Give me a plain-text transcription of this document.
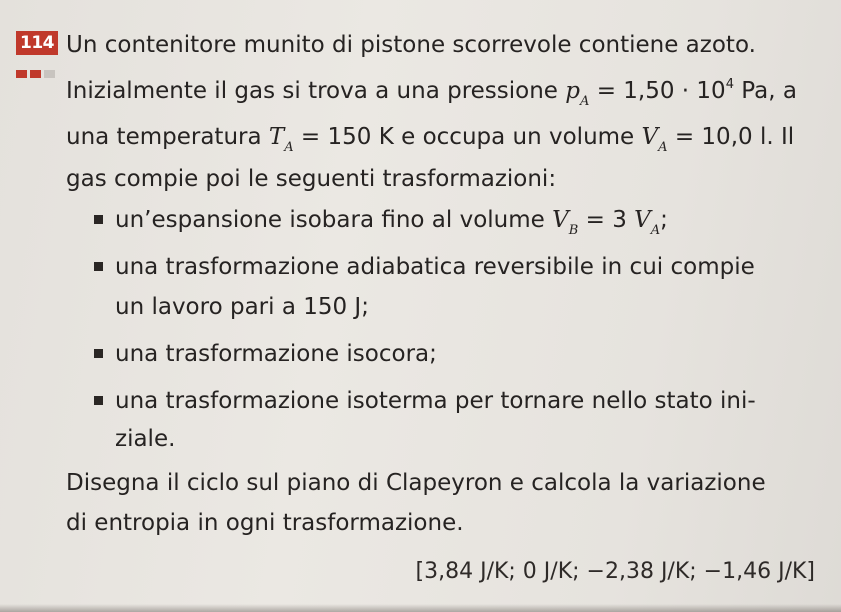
114 Un contenitore munito di pistone scorrevole contiene azoto.
Inizialmente il gas si trova a una pressione $p_A = 1,50 \cdot 10^4$ Pa, a
una temperatura $T_A = 150$ K e occupa un volume $V_A = 10,0$ l. Il
gas compie poi le seguenti trasformazioni:
un’espansione isobara fino al volume $V_B = 3$ $V_A$;
una trasformazione adiabatica reversibile in cui compie
un lavoro pari a 150 J;
una trasformazione isocora;
una trasformazione isoterma per tornare nello stato ini-
ziale.
Disegna il ciclo sul piano di Clapeyron e calcola la variazione
di entropia in ogni trasformazione.
[3,84 J/K; 0 J/K; −2,38 J/K; −1,46 J/K]
